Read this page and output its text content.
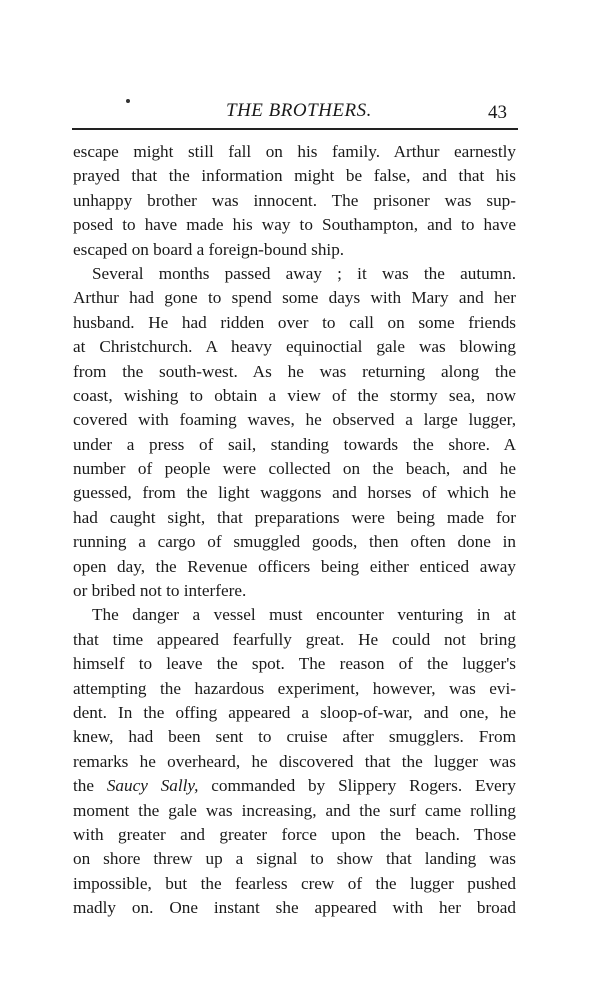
THE BROTHERS.	43
escape might still fall on his family. Arthur earnestly
prayed that the information might be false, and that his
unhappy brother was innocent. The prisoner was sup-
posed to have made his way to Southampton, and to have
escaped on board a foreign-bound ship.
Several months passed away ; it was the autumn.
Arthur had gone to spend some days with Mary and her
husband. He had ridden over to call on some friends
at Christchurch. A heavy equinoctial gale was blowing
from the south-west. As he was returning along the
coast, wishing to obtain a view of the stormy sea, now
covered with foaming waves, he observed a large lugger,
under a press of sail, standing towards the shore. A
number of people were collected on the beach, and he
guessed, from the light waggons and horses of which he
had caught sight, that preparations were being made for
running a cargo of smuggled goods, then often done in
open day, the Revenue officers being either enticed away
or bribed not to interfere.
The danger a vessel must encounter venturing in at
that time appeared fearfully great. He could not bring
himself to leave the spot. The reason of the lugger's
attempting the hazardous experiment, however, was evi-
dent. In the offing appeared a sloop-of-war, and one, he
knew, had been sent to cruise after smugglers. From
remarks he overheard, he discovered that the lugger was
the Saucy Sally, commanded by Slippery Rogers. Every
moment the gale was increasing, and the surf came rolling
with greater and greater force upon the beach. Those
on shore threw up a signal to show that landing was
impossible, but the fearless crew of the lugger pushed
madly on. One instant she appeared with her broad
